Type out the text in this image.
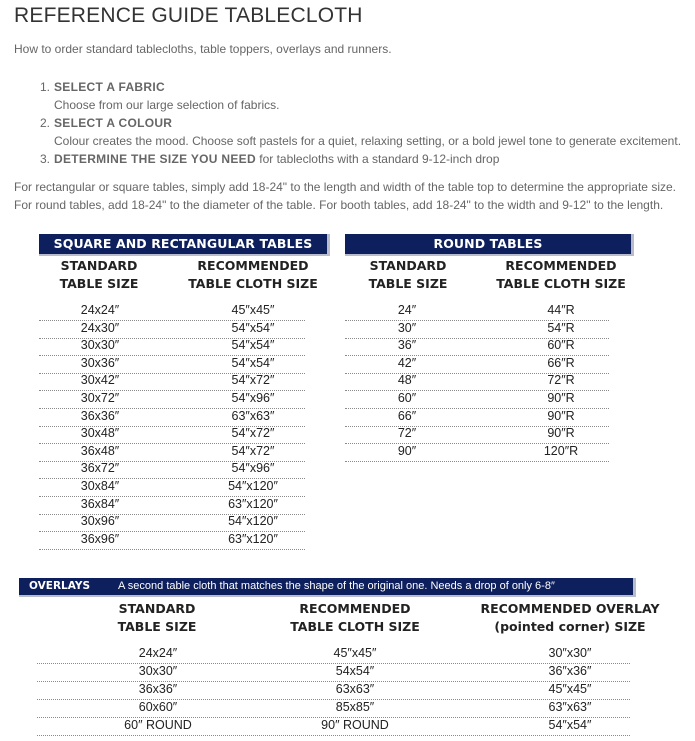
REFERENCE GUIDE TABLECLOTH
How to order standard tablecloths, table toppers, overlays and runners.
1. SELECT A FABRIC
Choose from our large selection of fabrics.
2. SELECT A COLOUR
Colour creates the mood. Choose soft pastels for a quiet, relaxing setting, or a bold jewel tone to generate excitement.
3. DETERMINE THE SIZE YOU NEED for tablecloths with a standard 9-12-inch drop
For rectangular or square tables, simply add 18-24" to the length and width of the table top to determine the appropriate size.
For round tables, add 18-24" to the diameter of the table. For booth tables, add 18-24" to the width and 9-12" to the length.
SQUARE AND RECTANGULAR TABLES
STANDARD
TABLE SIZE
RECOMMENDED
TABLE CLOTH SIZE
24x24″	45″x45″
24x30″	54″x54″
30x30″	54″x54″
30x36″	54″x54″
30x42″	54″x72″
30x72″	54″x96″
36x36″	63″x63″
30x48″	54″x72″
36x48″	54″x72″
36x72″	54″x96″
30x84″	54″x120″
36x84″	63″x120″
30x96″	54″x120″
36x96″	63″x120″
ROUND TABLES
STANDARD
TABLE SIZE
RECOMMENDED
TABLE CLOTH SIZE
24″	44″R
30″	54″R
36″	60″R
42″	66″R
48″	72″R
60″	90″R
66″	90″R
72″	90″R
90″	120″R
OVERLAYS	A second table cloth that matches the shape of the original one. Needs a drop of only 6-8″
STANDARD
TABLE SIZE
RECOMMENDED
TABLE CLOTH SIZE
RECOMMENDED OVERLAY
(pointed corner) SIZE
24x24″	45″x45″	30″x30″
30x30″	54x54″	36″x36″
36x36″	63x63″	45″x45″
60x60″	85x85″	63″x63″
60″ ROUND	90″ ROUND	54″x54″
